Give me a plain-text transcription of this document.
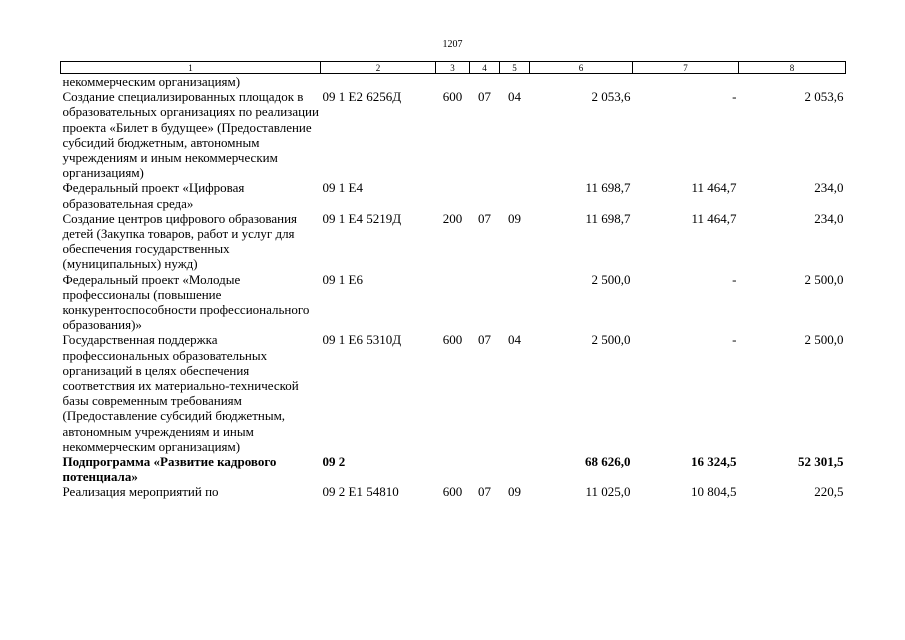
1207
1	2	3	4	5	6	7	8
некоммерческим организациям)							
Создание специализированных площадок в образовательных организациях по реализации проекта «Билет в будущее» (Предоставление субсидий бюджетным, автономным учреждениям и иным некоммерческим организациям)	09 1 E2 6256Д	600	07	04	2 053,6	-	2 053,6
Федеральный проект «Цифровая образовательная среда»	09 1 E4				11 698,7	11 464,7	234,0
Создание центров цифрового образования детей (Закупка товаров, работ и услуг для обеспечения государственных (муниципальных) нужд)	09 1 E4 5219Д	200	07	09	11 698,7	11 464,7	234,0
Федеральный проект «Молодые профессионалы (повышение конкурентоспособности профессионального образования)»	09 1 E6				2 500,0	-	2 500,0
Государственная поддержка профессиональных образовательных организаций в целях обеспечения соответствия их материально-технической базы современным требованиям (Предоставление субсидий бюджетным, автономным учреждениям и иным некоммерческим организациям)	09 1 E6 5310Д	600	07	04	2 500,0	-	2 500,0
Подпрограмма «Развитие кадрового потенциала»	09 2				68 626,0	16 324,5	52 301,5
Реализация мероприятий по	09 2 E1 54810	600	07	09	11 025,0	10 804,5	220,5
